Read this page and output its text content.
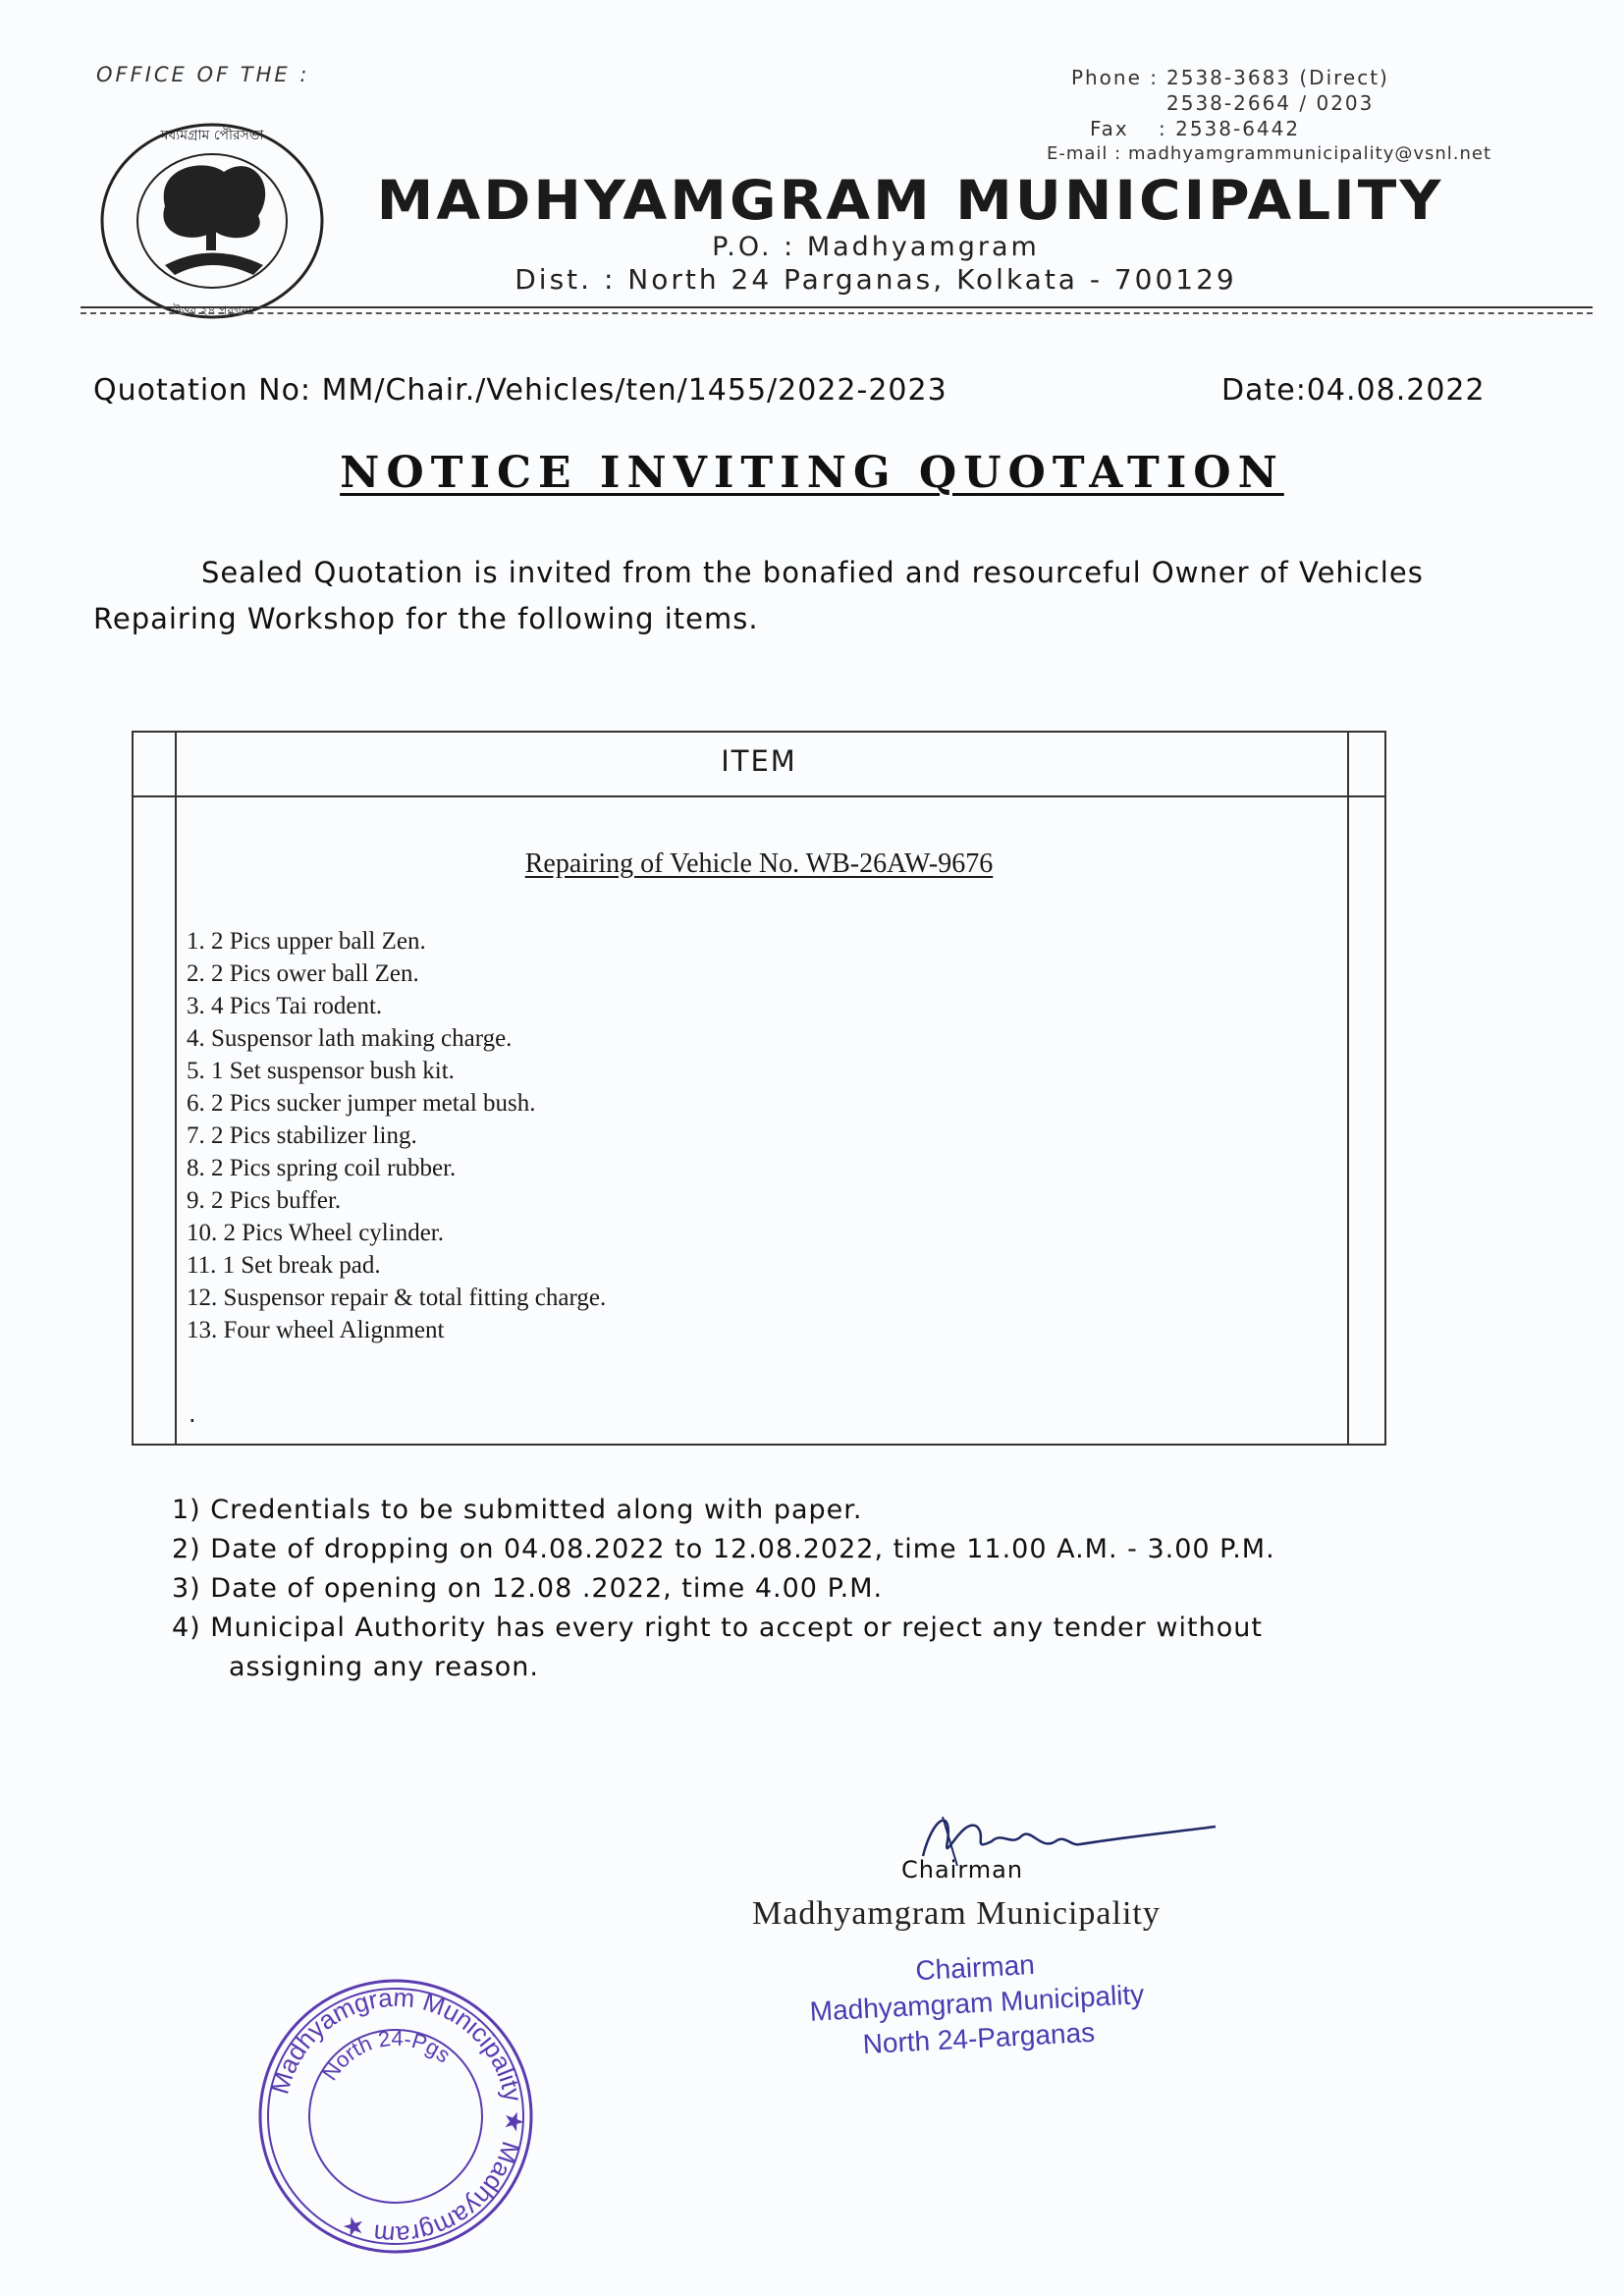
OFFICE OF THE :	Phone : 2538-3683 (Direct)
2538-2664 / 0203
Fax	: 2538-6442
E-mail : madhyamgrammunicipality@vsnl.net
মধ্যমগ্রাম পৌরসভা
উত্তর ২৪ পরগনা
MADHYAMGRAM MUNICIPALITY
P.O. : Madhyamgram
Dist. : North 24 Parganas, Kolkata - 700129
Quotation No: MM/Chair./Vehicles/ten/1455/2022-2023	Date:04.08.2022
NOTICE INVITING QUOTATION
Sealed Quotation is invited from the bonafied and resourceful Owner of Vehicles Repairing Workshop for the following items.
ITEM
Repairing of Vehicle No. WB-26AW-9676
1. 2 Pics upper ball Zen.
2. 2 Pics ower ball Zen.
3. 4 Pics Tai rodent.
4. Suspensor lath making charge.
5. 1 Set suspensor bush kit.
6. 2 Pics sucker jumper metal bush.
7. 2 Pics stabilizer ling.
8. 2 Pics spring coil rubber.
9. 2 Pics buffer.
10. 2 Pics Wheel cylinder.
11. 1 Set break pad.
12. Suspensor repair & total fitting charge.
13. Four wheel Alignment
.
1) Credentials to be submitted along with paper.
2) Date of dropping on 04.08.2022 to 12.08.2022, time 11.00 A.M. - 3.00 P.M.
3) Date of opening on 12.08 .2022, time 4.00 P.M.
4) Municipal Authority has every right to accept or reject any tender without
assigning any reason.
Chairman
Madhyamgram Municipality
Chairman
Madhyamgram Municipality
North 24-Parganas
Madhyamgram Municipality ★ Madhyamgram ★
North 24-Pgs
